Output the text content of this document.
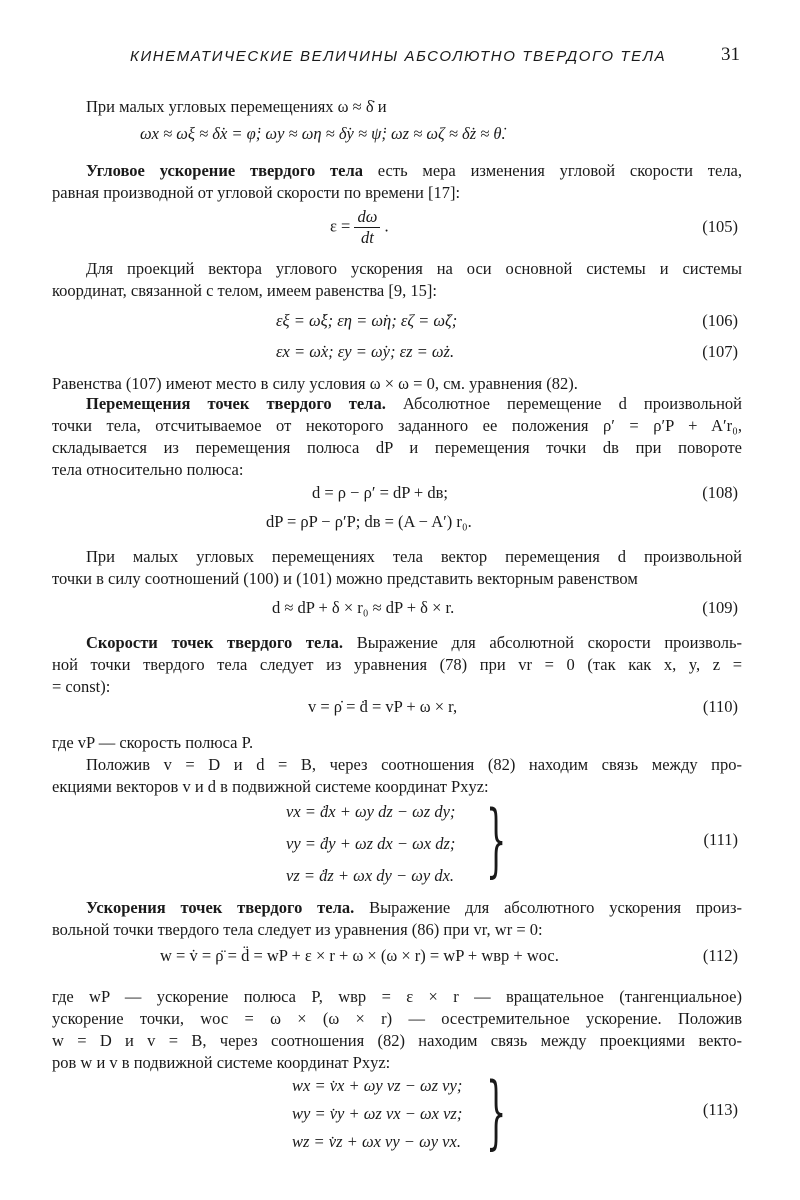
КИНЕМАТИЧЕСКИЕ ВЕЛИЧИНЫ АБСОЛЮТНО ТВЕРДОГО ТЕЛА	31
При малых угловых перемещениях ω ≈ δ̇ и
ωx ≈ ωξ ≈ δ̇x = φ̇; ωy ≈ ωη ≈ δ̇y ≈ ψ̇; ωz ≈ ωζ ≈ δ̇z ≈ θ̇.
Угловое ускорение твердого тела есть мера изменения угловой скорости тела,
равная производной от угловой скорости по времени [17]:
$\varepsilon = \frac{d\omega}{dt}$ .	(105)
Для проекций вектора углового ускорения на оси основной системы и системы
координат, связанной с телом, имеем равенства [9, 15]:
εξ = ω̇ξ; εη = ω̇η; εζ = ω̇ζ;	(106)
εx = ω̇x; εy = ω̇y; εz = ω̇z.	(107)
Равенства (107) имеют место в силу условия ω × ω = 0, см. уравнения (82).
Перемещения точек твердого тела. Абсолютное перемещение d произвольной
точки тела, отсчитываемое от некоторого заданного ее положения ρ′ = ρ′P + A′r₀,
складывается из перемещения полюса dP и перемещения точки dв при повороте
тела относительно полюса:
d = ρ − ρ′ = dP + dв;	(108)
dP = ρP − ρ′P; dв = (A − A′) r₀.
При малых угловых перемещениях тела вектор перемещения d произвольной
точки в силу соотношений (100) и (101) можно представить векторным равенством
d ≈ dP + δ × r₀ ≈ dP + δ × r.	(109)
Скорости точек твердого тела. Выражение для абсолютной скорости произволь-
ной точки твердого тела следует из уравнения (78) при vr = 0 (так как x, y, z =
= const):
v = ρ̇ = ḋ = vP + ω × r,	(110)
где vP — скорость полюса P.
Положив v = D и d = B, через соотношения (82) находим связь между про-
екциями векторов v и d в подвижной системе координат Pxyz:
vx = ḋx + ωy dz − ωz dy;
vy = ḋy + ωz dx − ωx dz;
vz = ḋz + ωx dy − ωy dx. }	(111)
Ускорения точек твердого тела. Выражение для абсолютного ускорения произ-
вольной точки твердого тела следует из уравнения (86) при vr, wr = 0:
w = v̇ = ρ̈ = d̈ = wP + ε × r + ω × (ω × r) = wP + wвр + wос.	(112)
где wP — ускорение полюса P, wвр = ε × r — вращательное (тангенциальное)
ускорение точки, wос = ω × (ω × r) — осестремительное ускорение. Положив
w = D и v = B, через соотношения (82) находим связь между проекциями векто-
ров w и v в подвижной системе координат Pxyz:
wx = v̇x + ωy vz − ωz vy;
wy = v̇y + ωz vx − ωx vz;
wz = v̇z + ωx vy − ωy vx. }	(113)
